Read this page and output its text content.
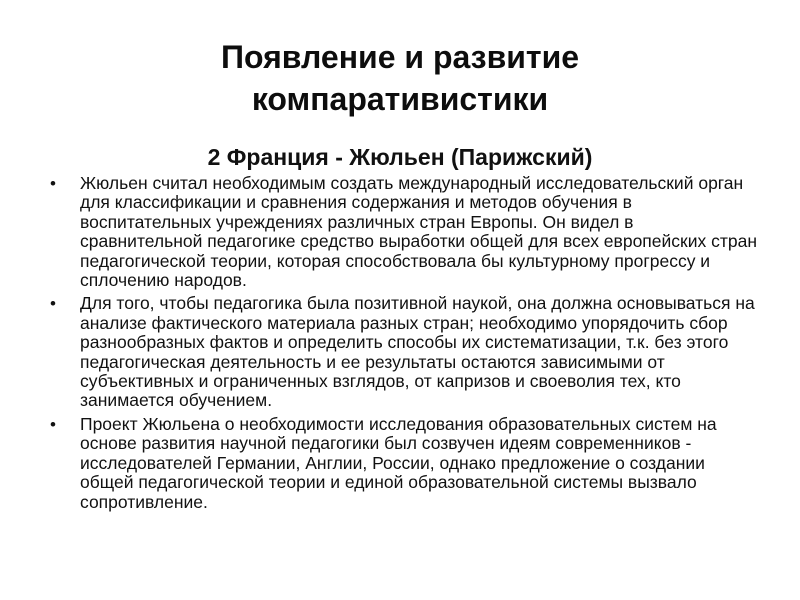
Появление и развитие
компаративистики
2 Франция - Жюльен (Парижский)
•	Жюльен считал необходимым создать международный исследовательский орган для классификации и сравнения содержания и методов обучения в воспитательных учреждениях различных стран Европы. Он видел в сравнительной педагогике средство выработки общей для всех европейских стран педагогической теории, которая способствовала бы культурному прогрессу и сплочению народов.
•	Для того, чтобы педагогика была позитивной наукой, она должна основываться на анализе фактического материала разных стран; необходимо упорядочить сбор разнообразных фактов и определить способы их систематизации, т.к. без этого педагогическая деятельность и ее результаты остаются зависимыми от субъективных и ограниченных взглядов, от капризов и своеволия тех, кто занимается обучением.
•	Проект Жюльена о необходимости исследования образовательных систем на основе развития научной педагогики был созвучен идеям современников - исследователей Германии, Англии, России, однако предложение о создании общей педагогической теории и единой образовательной системы вызвало сопротивление.
